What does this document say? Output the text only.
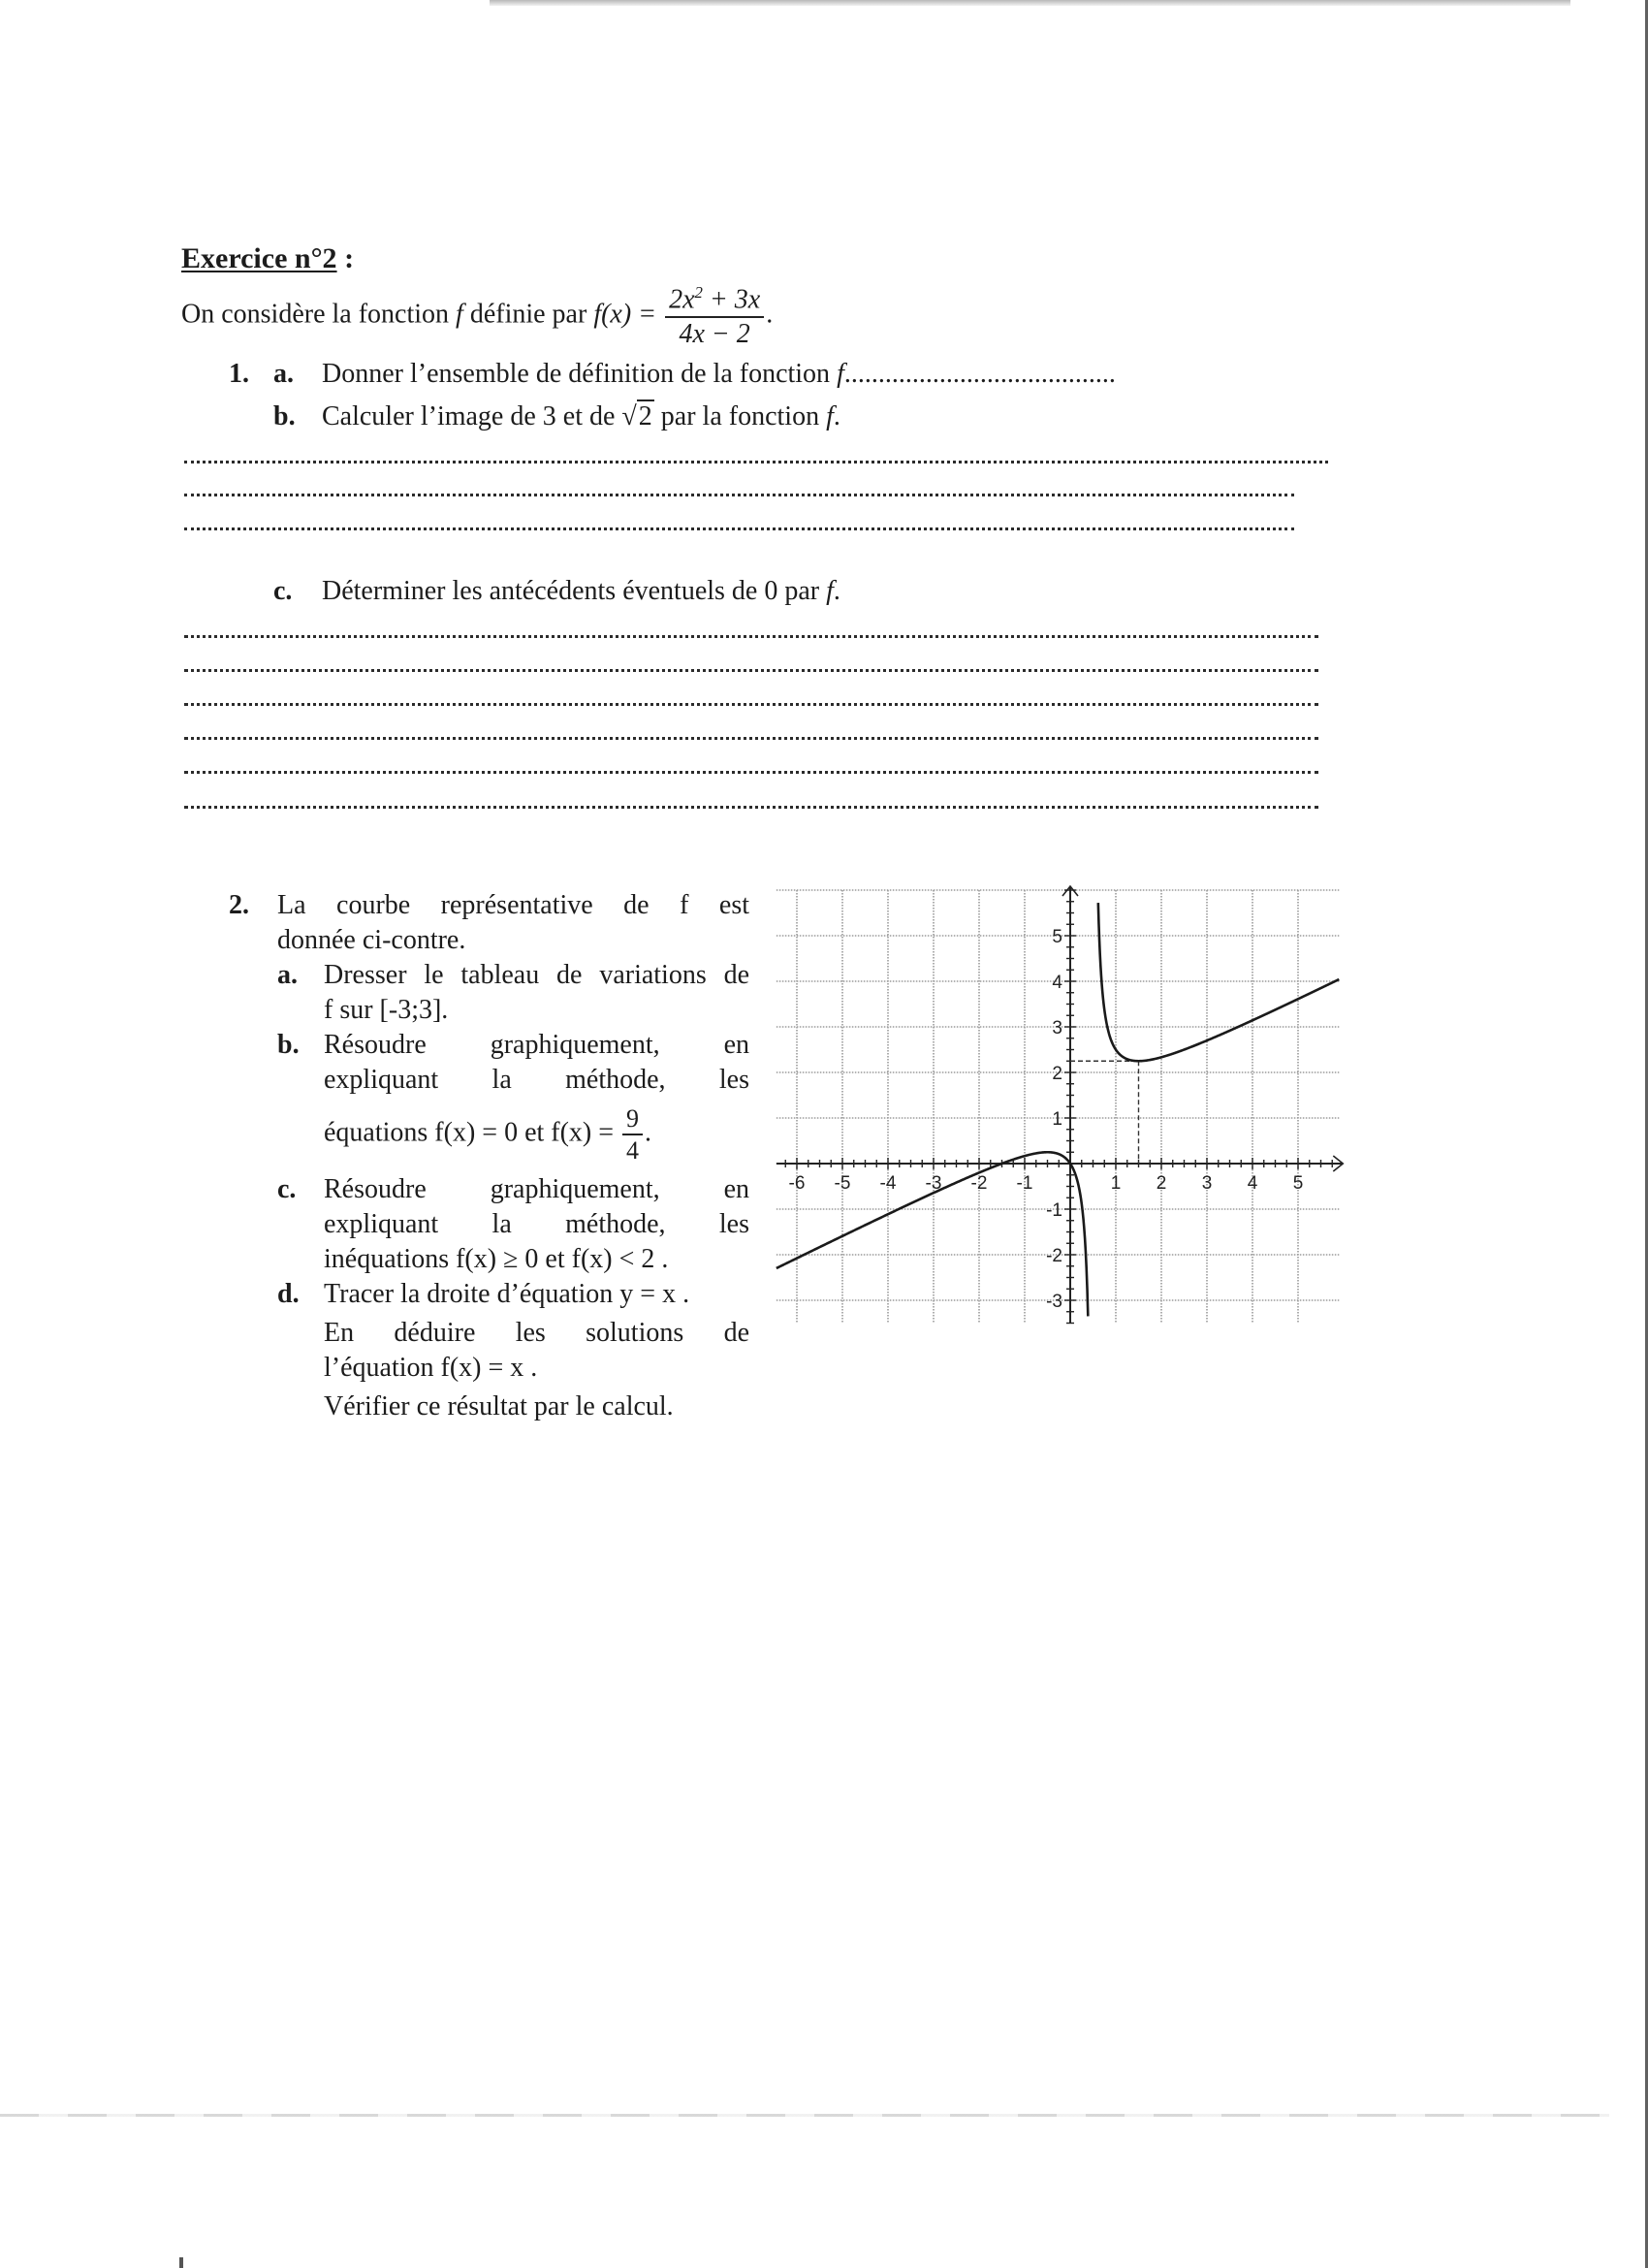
Exercice n°2 :
On considère la fonction f définie par $f(x) = \frac{2x^2 + 3x}{4x - 2}$ .
1. a. Donner l’ensemble de définition de la fonction f........................................
b. Calculer l’image de 3 et de √2 par la fonction f.
c. Déterminer les antécédents éventuels de 0 par f.
2. La courbe représentative de f est
donnée ci-contre.
a. Dresser le tableau de variations de
f sur [-3;3].
b. Résoudre graphiquement, en
expliquant la méthode, les
équations f(x) = 0 et $f(x) = \frac{9}{4}$ .
c. Résoudre graphiquement, en
expliquant la méthode, les
inéquations f(x) ≥ 0 et f(x) < 2 .
d. Tracer la droite d’équation y = x .
En déduire les solutions de
l’équation f(x) = x .
Vérifier ce résultat par le calcul.
-6 -5 -4 -3 -2 -1	1 2 3 4 5
-3
-2
-1
1
2
3
4
5
